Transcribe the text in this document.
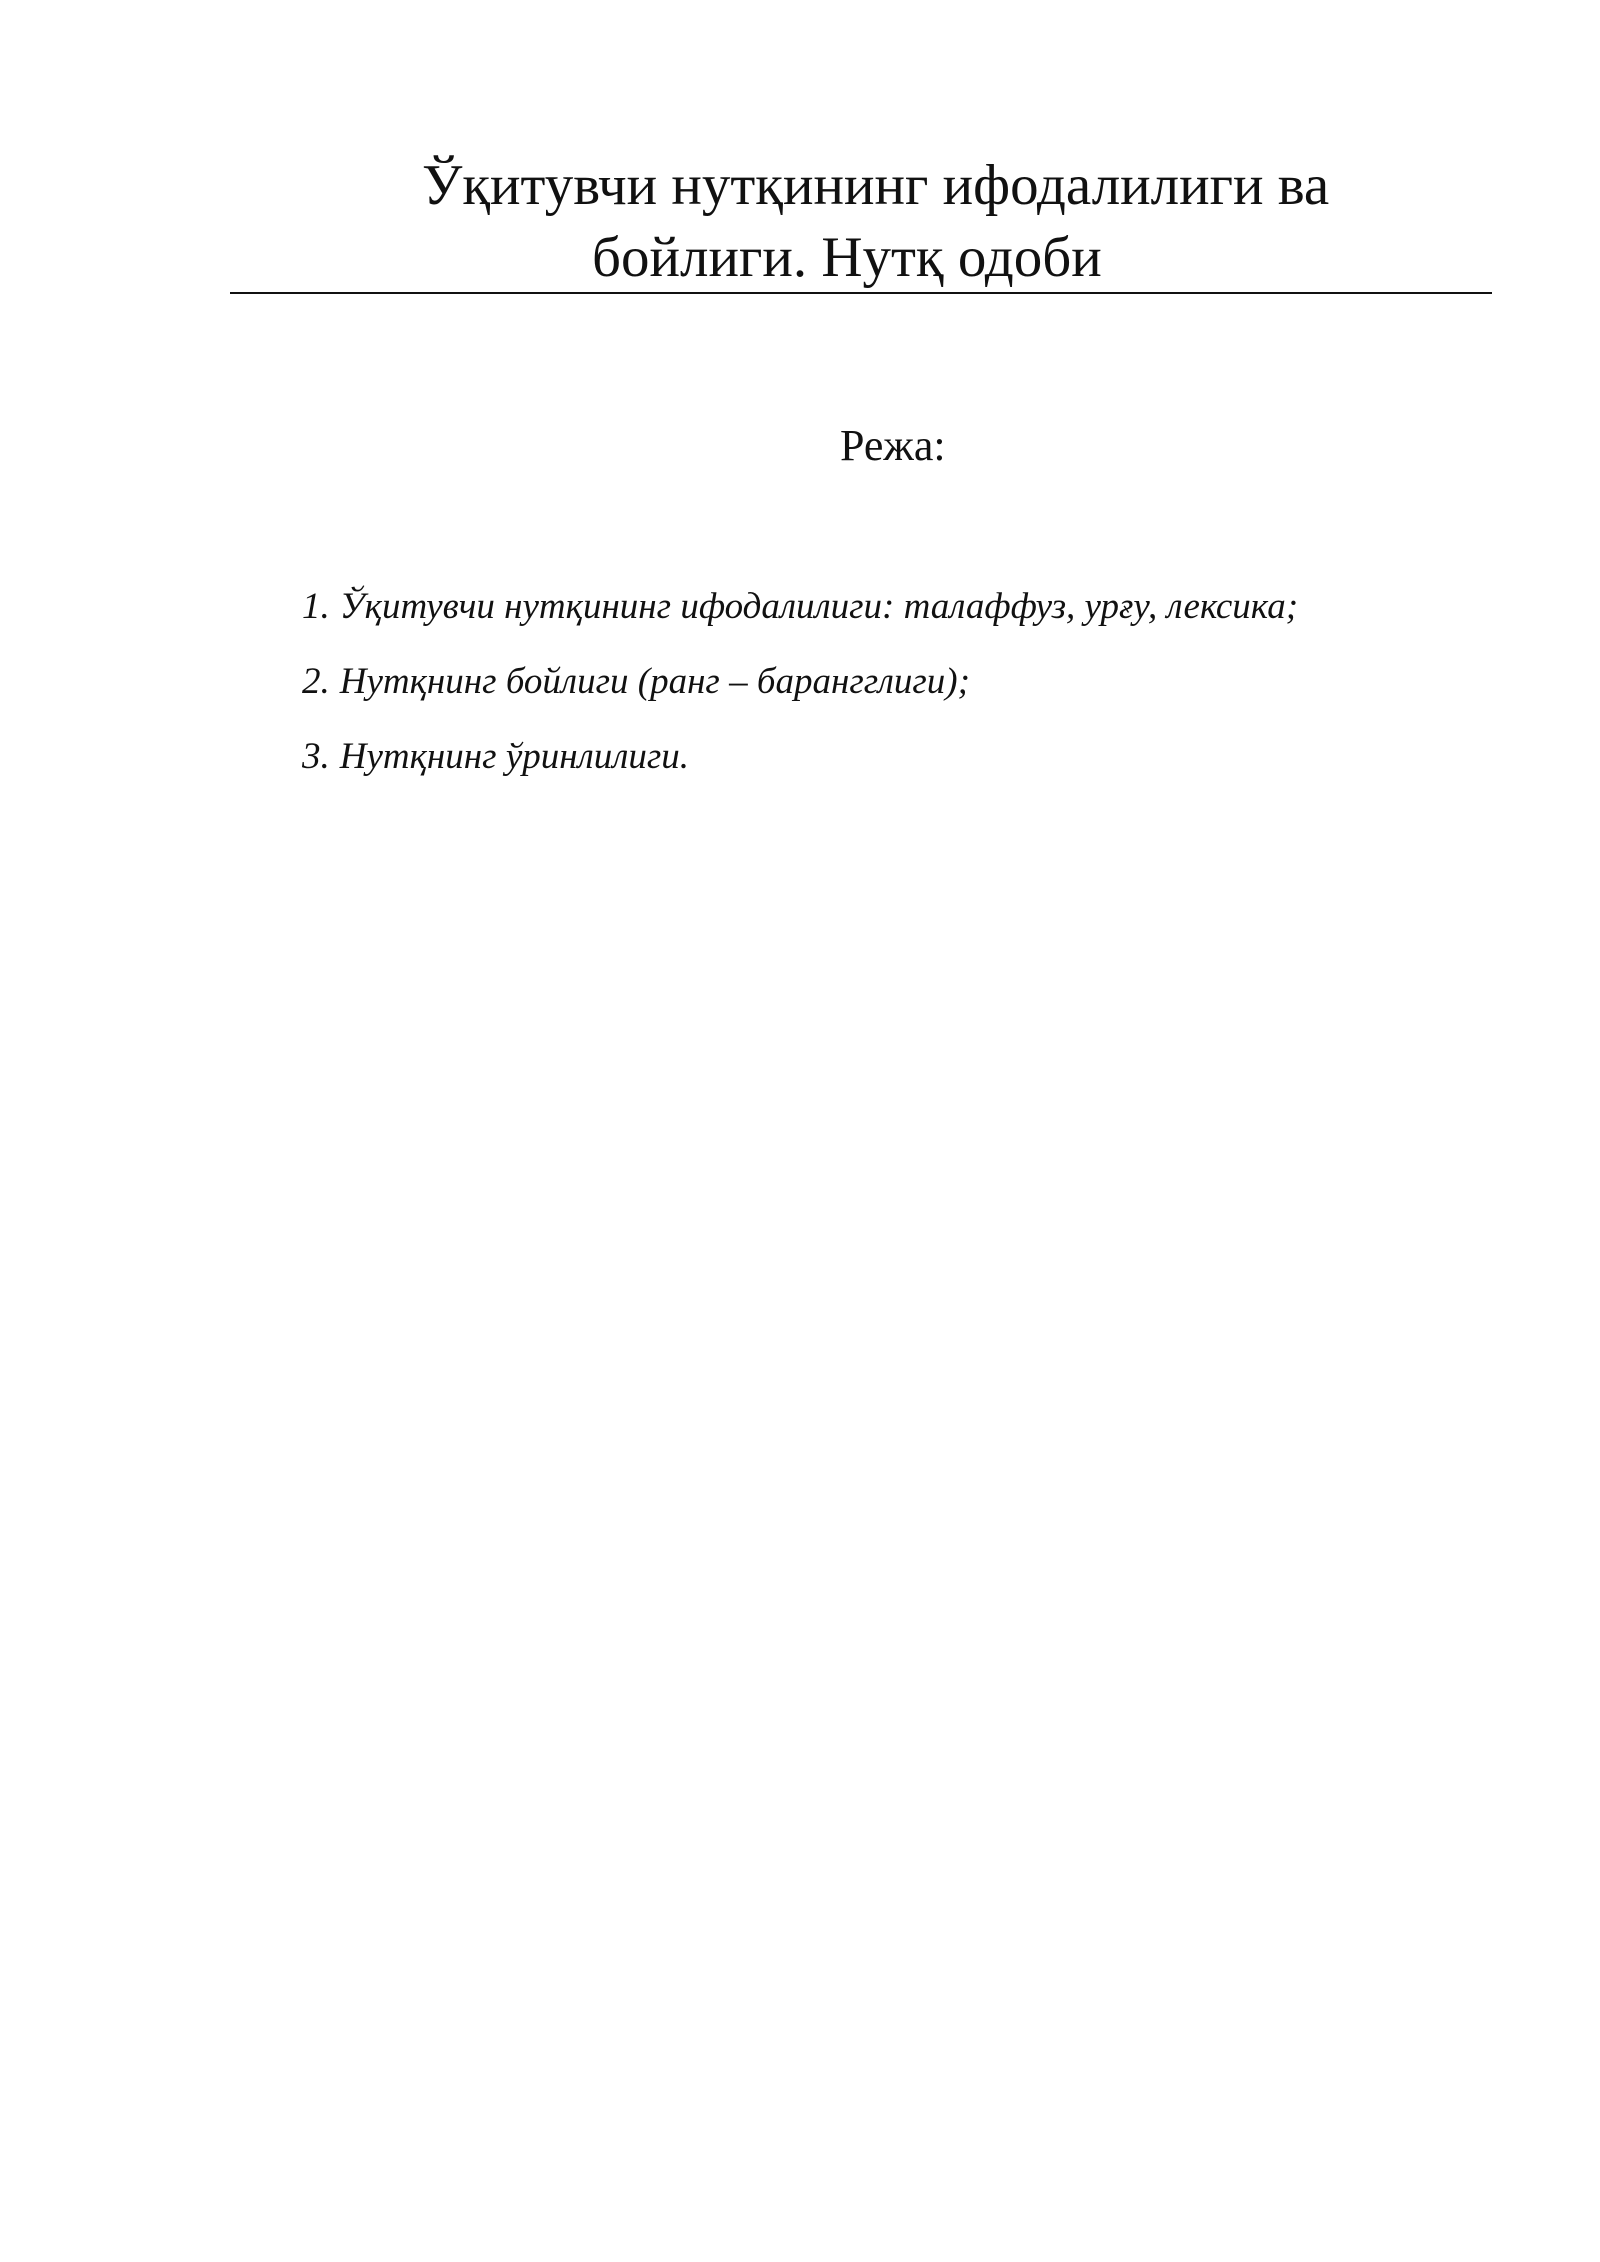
Ўқитувчи нутқининг ифодалилиги ва
бойлиги. Нутқ одоби
Режа:
1. Ўқитувчи нутқининг ифодалилиги: талаффуз, урғу, лексика;
2. Нутқнинг бойлиги (ранг – барангглиги);
3. Нутқнинг ўринлилиги.
